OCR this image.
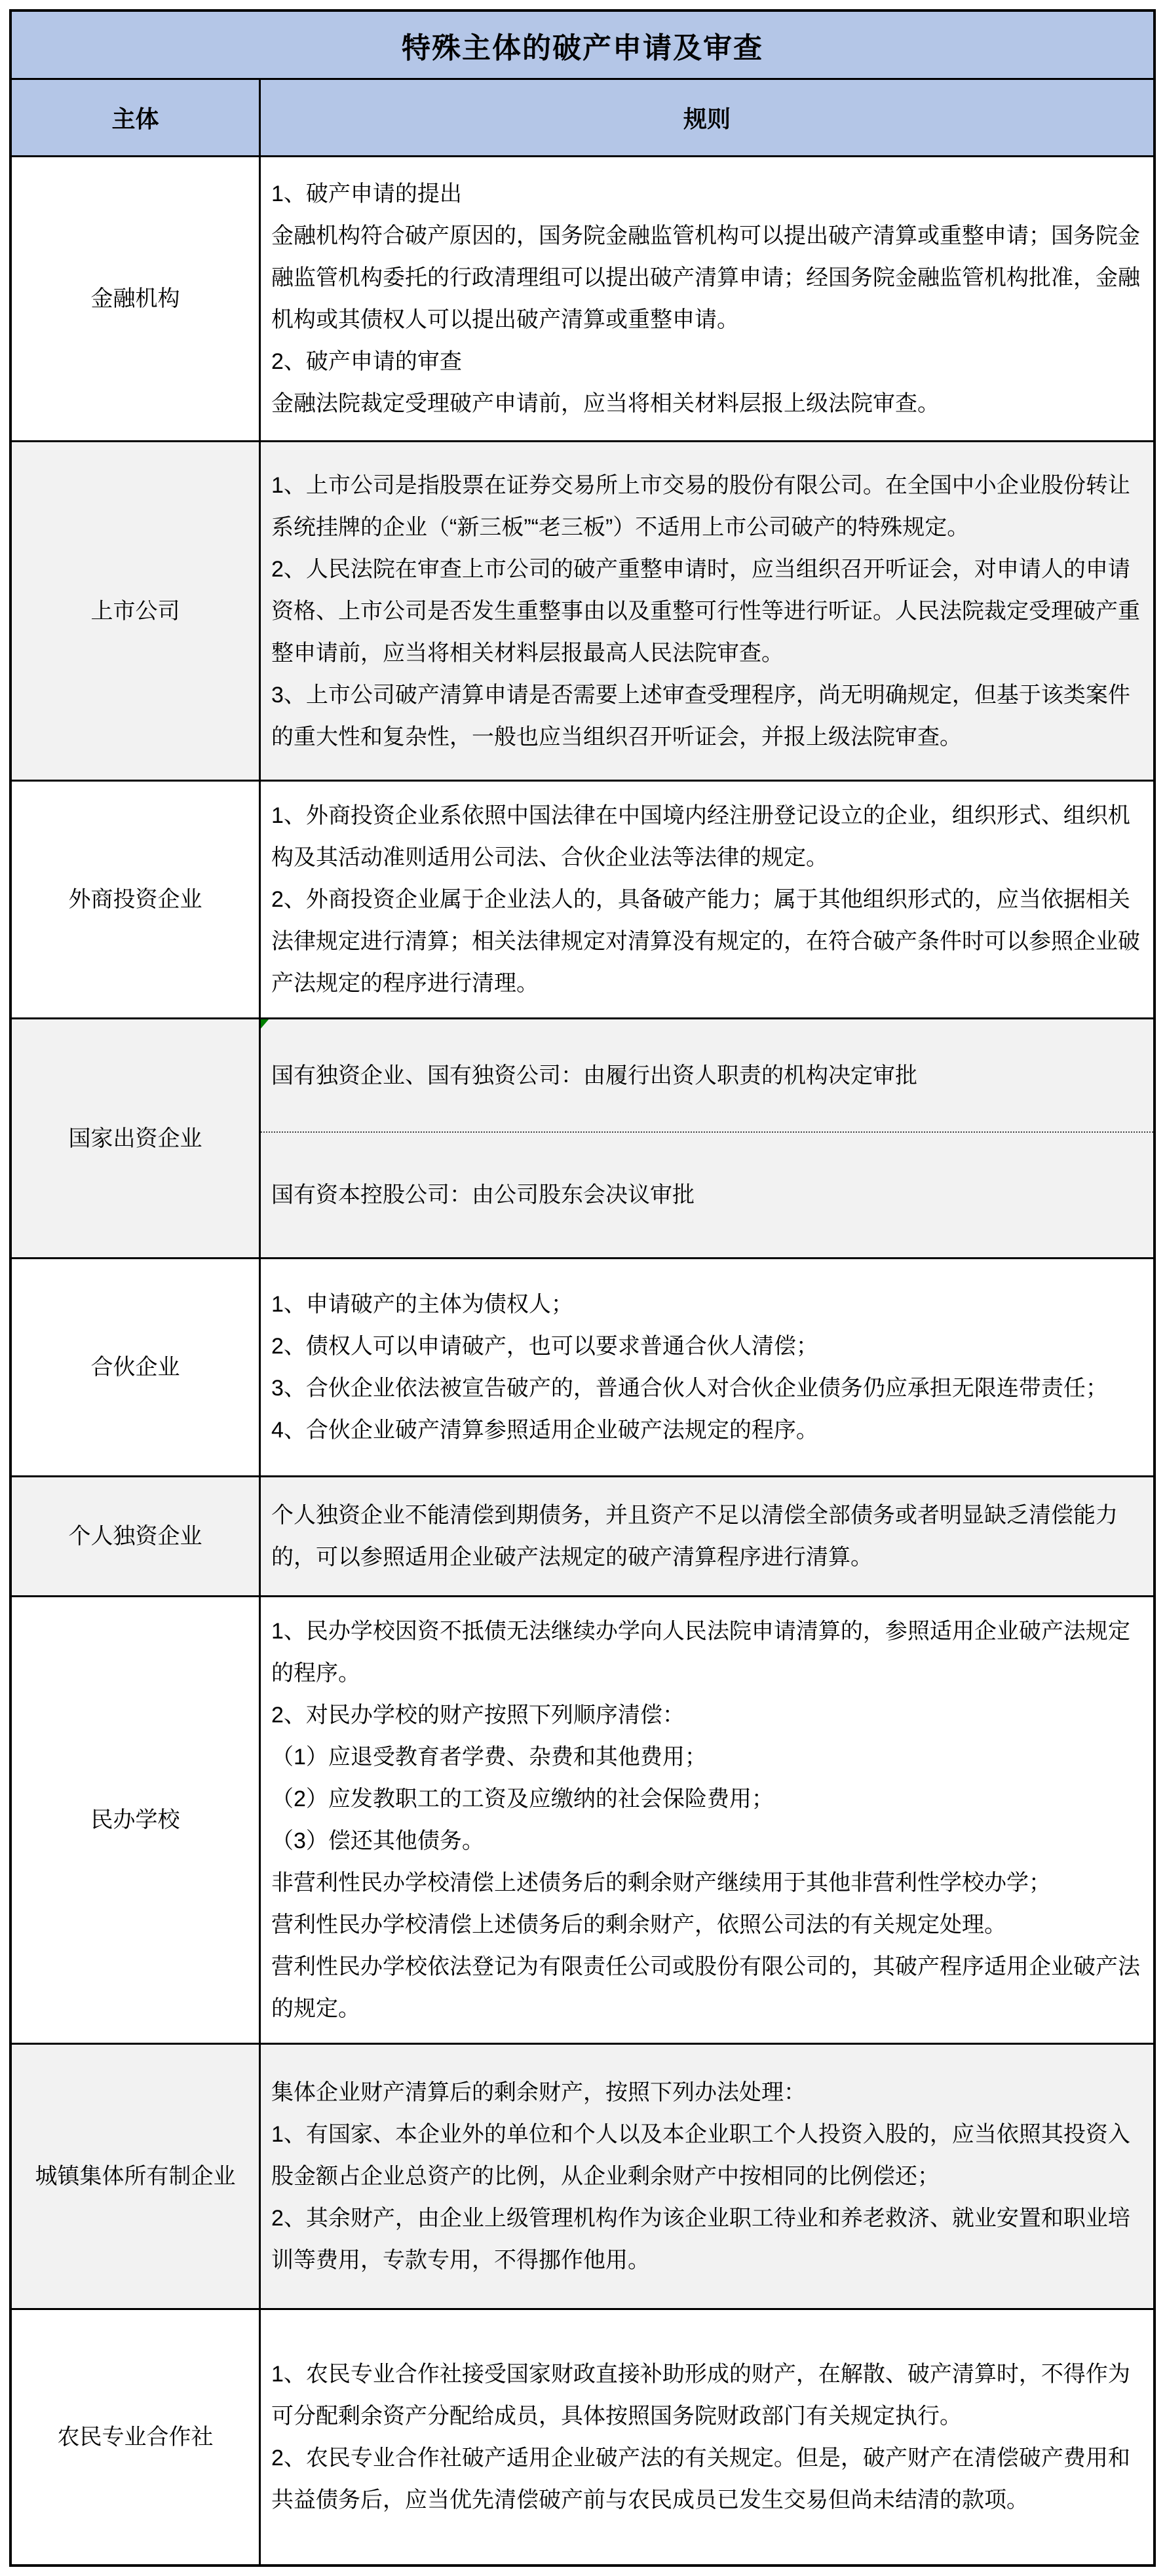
特殊主体的破产申请及审查
主体	规则
金融机构
1、破产申请的提出
金融机构符合破产原因的，国务院金融监管机构可以提出破产清算或重整申请；国务院金融监管机构委托的行政清理组可以提出破产清算申请；经国务院金融监管机构批准，金融机构或其债权人可以提出破产清算或重整申请。
2、破产申请的审查
金融法院裁定受理破产申请前，应当将相关材料层报上级法院审查。
上市公司
1、上市公司是指股票在证券交易所上市交易的股份有限公司。在全国中小企业股份转让系统挂牌的企业（“新三板”“老三板”）不适用上市公司破产的特殊规定。
2、人民法院在审查上市公司的破产重整申请时，应当组织召开听证会，对申请人的申请资格、上市公司是否发生重整事由以及重整可行性等进行听证。人民法院裁定受理破产重整申请前，应当将相关材料层报最高人民法院审查。
3、上市公司破产清算申请是否需要上述审查受理程序，尚无明确规定，但基于该类案件的重大性和复杂性，一般也应当组织召开听证会，并报上级法院审查。
外商投资企业
1、外商投资企业系依照中国法律在中国境内经注册登记设立的企业，组织形式、组织机构及其活动准则适用公司法、合伙企业法等法律的规定。
2、外商投资企业属于企业法人的，具备破产能力；属于其他组织形式的，应当依据相关法律规定进行清算；相关法律规定对清算没有规定的，在符合破产条件时可以参照企业破产法规定的程序进行清理。
国家出资企业
国有独资企业、国有独资公司：由履行出资人职责的机构决定审批
国有资本控股公司：由公司股东会决议审批
合伙企业
1、申请破产的主体为债权人；
2、债权人可以申请破产，也可以要求普通合伙人清偿；
3、合伙企业依法被宣告破产的，普通合伙人对合伙企业债务仍应承担无限连带责任；
4、合伙企业破产清算参照适用企业破产法规定的程序。
个人独资企业
个人独资企业不能清偿到期债务，并且资产不足以清偿全部债务或者明显缺乏清偿能力的，可以参照适用企业破产法规定的破产清算程序进行清算。
民办学校
1、民办学校因资不抵债无法继续办学向人民法院申请清算的，参照适用企业破产法规定的程序。
2、对民办学校的财产按照下列顺序清偿：
（1）应退受教育者学费、杂费和其他费用；
（2）应发教职工的工资及应缴纳的社会保险费用；
（3）偿还其他债务。
非营利性民办学校清偿上述债务后的剩余财产继续用于其他非营利性学校办学；
营利性民办学校清偿上述债务后的剩余财产，依照公司法的有关规定处理。
营利性民办学校依法登记为有限责任公司或股份有限公司的，其破产程序适用企业破产法的规定。
城镇集体所有制企业
集体企业财产清算后的剩余财产，按照下列办法处理：
1、有国家、本企业外的单位和个人以及本企业职工个人投资入股的，应当依照其投资入股金额占企业总资产的比例，从企业剩余财产中按相同的比例偿还；
2、其余财产，由企业上级管理机构作为该企业职工待业和养老救济、就业安置和职业培训等费用，专款专用，不得挪作他用。
农民专业合作社
1、农民专业合作社接受国家财政直接补助形成的财产，在解散、破产清算时，不得作为可分配剩余资产分配给成员，具体按照国务院财政部门有关规定执行。
2、农民专业合作社破产适用企业破产法的有关规定。但是，破产财产在清偿破产费用和共益债务后，应当优先清偿破产前与农民成员已发生交易但尚未结清的款项。
